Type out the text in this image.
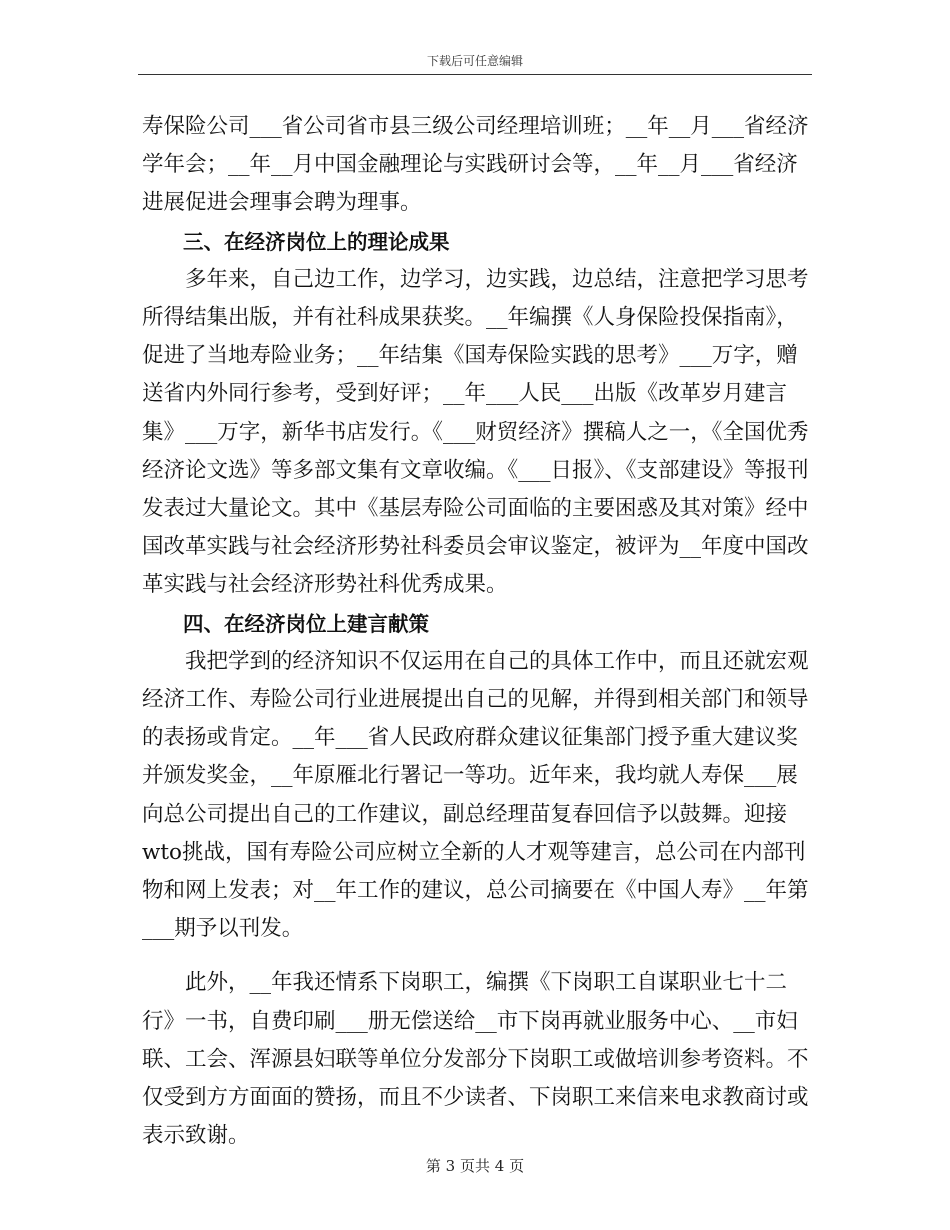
下载后可任意编辑

寿保险公司___省公司省市县三级公司经理培训班；__年__月___省经济学年会；__年__月中国金融理论与实践研讨会等，__年__月___省经济进展促进会理事会聘为理事。

三、在经济岗位上的理论成果

多年来，自己边工作，边学习，边实践，边总结，注意把学习思考所得结集出版，并有社科成果获奖。__年编撰《人身保险投保指南》，促进了当地寿险业务；__年结集《国寿保险实践的思考》___万字，赠送省内外同行参考，受到好评；__年___人民___出版《改革岁月建言集》___万字，新华书店发行。《___财贸经济》撰稿人之一，《全国优秀经济论文选》等多部文集有文章收编。《___日报》、《支部建设》等报刊发表过大量论文。其中《基层寿险公司面临的主要困惑及其对策》经中国改革实践与社会经济形势社科委员会审议鉴定，被评为__年度中国改革实践与社会经济形势社科优秀成果。

四、在经济岗位上建言献策

我把学到的经济知识不仅运用在自己的具体工作中，而且还就宏观经济工作、寿险公司行业进展提出自己的见解，并得到相关部门和领导的表扬或肯定。__年___省人民政府群众建议征集部门授予重大建议奖并颁发奖金，__年原雁北行署记一等功。近年来，我均就人寿保___展向总公司提出自己的工作建议，副总经理苗复春回信予以鼓舞。迎接wto挑战，国有寿险公司应树立全新的人才观等建言，总公司在内部刊物和网上发表；对__年工作的建议，总公司摘要在《中国人寿》__年第___期予以刊发。

此外，__年我还情系下岗职工，编撰《下岗职工自谋职业七十二行》一书，自费印刷___册无偿送给__市下岗再就业服务中心、__市妇联、工会、浑源县妇联等单位分发部分下岗职工或做培训参考资料。不仅受到方方面面的赞扬，而且不少读者、下岗职工来信来电求教商讨或表示致谢。

第 3 页共 4 页
